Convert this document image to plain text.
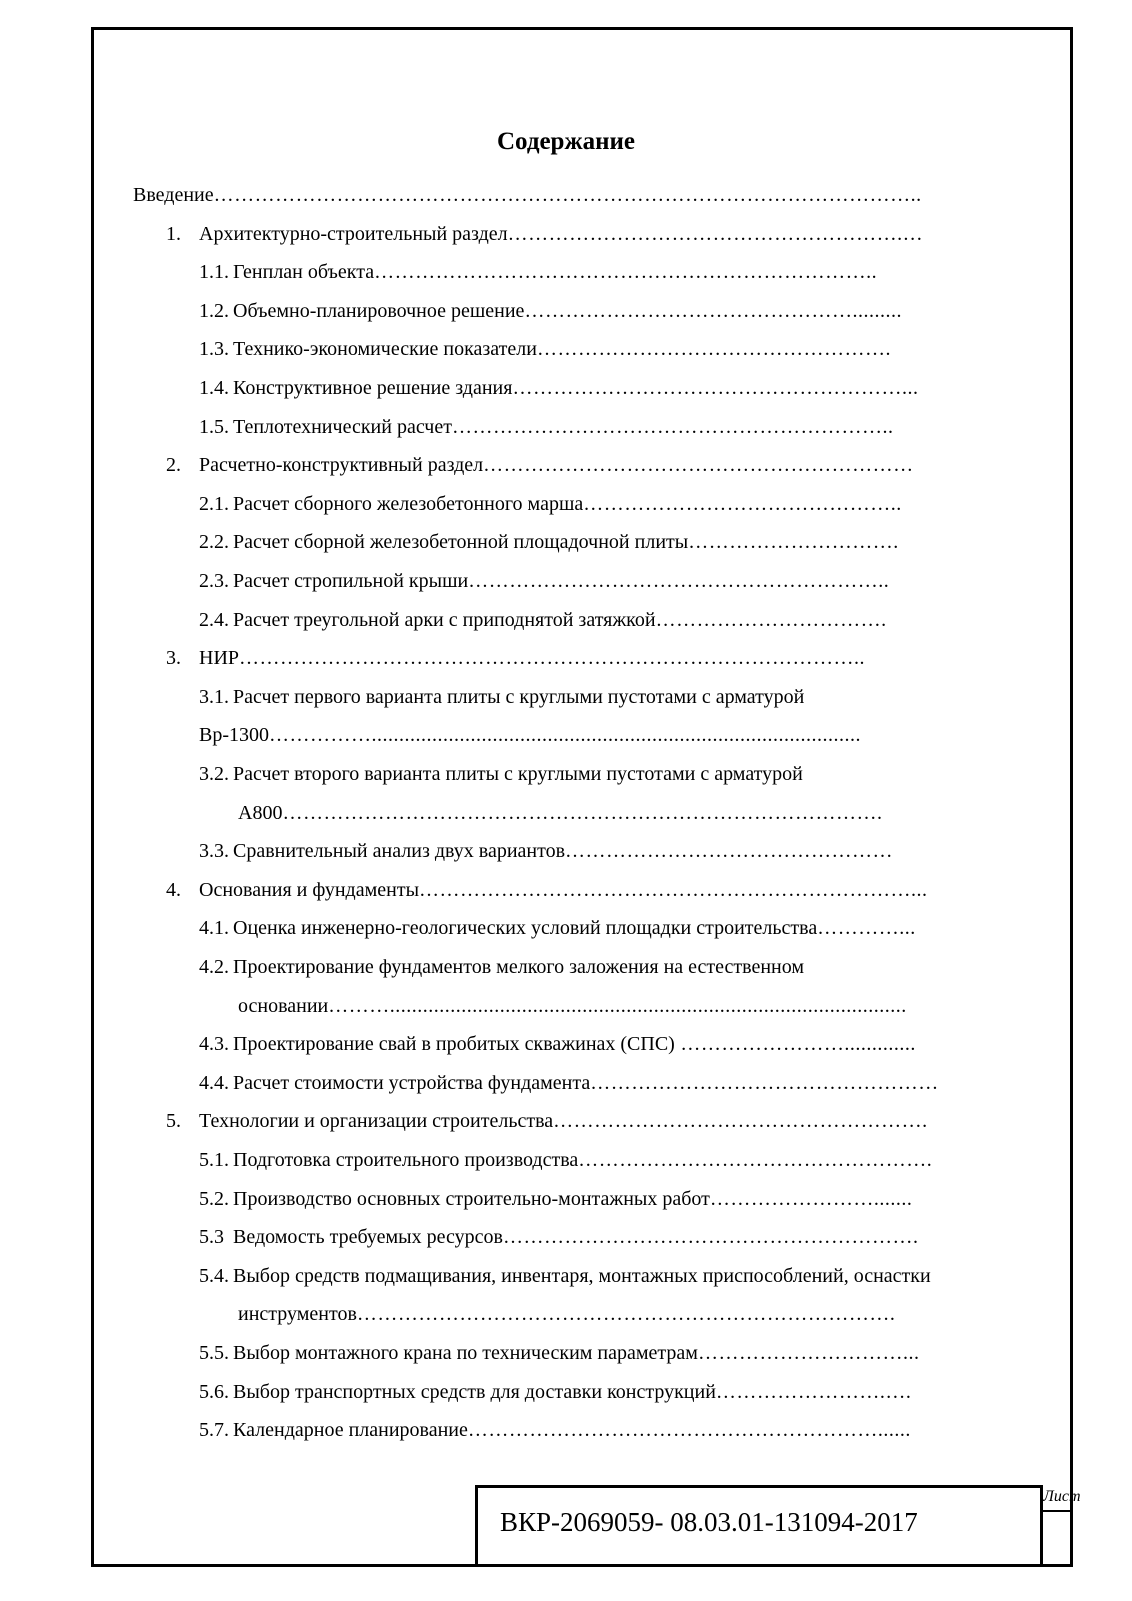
Содержание
Введение…………………………………………………………………………………………..
1. Архитектурно-строительный раздел………………………………………………….…
1.1. Генплан объекта………………………………………………………………..
1.2. Объемно-планировочное решение………………………………………….........
1.3. Технико-экономические показатели…………………………………………….
1.4. Конструктивное решение здания…………………………………………………...
1.5. Теплотехнический расчет………………………………………………………..
2. Расчетно-конструктивный раздел………………………………………………………
2.1. Расчет сборного железобетонного марша………………………………………..
2.2. Расчет сборной железобетонной площадочной плиты………………………….
2.3. Расчет стропильной крыши……………………………………………………..
2.4. Расчет треугольной арки с приподнятой затяжкой…………………………….
3. НИР………………………………………………………………………………..
3.1. Расчет первого варианта плиты с круглыми пустотами с арматурой
Вр-1300…………….........................................................................................
3.2. Расчет второго варианта плиты с круглыми пустотами с арматурой
А800…………………………………………………………………………….
3.3. Сравнительный анализ двух вариантов…………………………………………
4. Основания и фундаменты………………………………………………………………...
4.1. Оценка инженерно-геологических условий площадки строительства…………...
4.2. Проектирование фундаментов мелкого заложения на естественном
основании………..............................................................................................
4.3. Проектирование свай в пробитых скважинах (СПС) …………………….............
4.4. Расчет стоимости устройства фундамента……………………………………………
5. Технологии и организации строительства……………………………………………….
5.1. Подготовка строительного производства…………………………………………….
5.2. Производство основных строительно-монтажных работ…………………….......
5.3 Ведомость требуемых ресурсов…………………………………………………….
5.4. Выбор средств подмащивания, инвентаря, монтажных приспособлений, оснастки
инструментов…………………………………………………………………….
5.5. Выбор монтажного крана по техническим параметрам…………………………...
5.6. Выбор транспортных средств для доставки конструкций…………………….….
5.7. Календарное планирование……………………………………………………......
ВКР-2069059- 08.03.01-131094-2017
Лист
